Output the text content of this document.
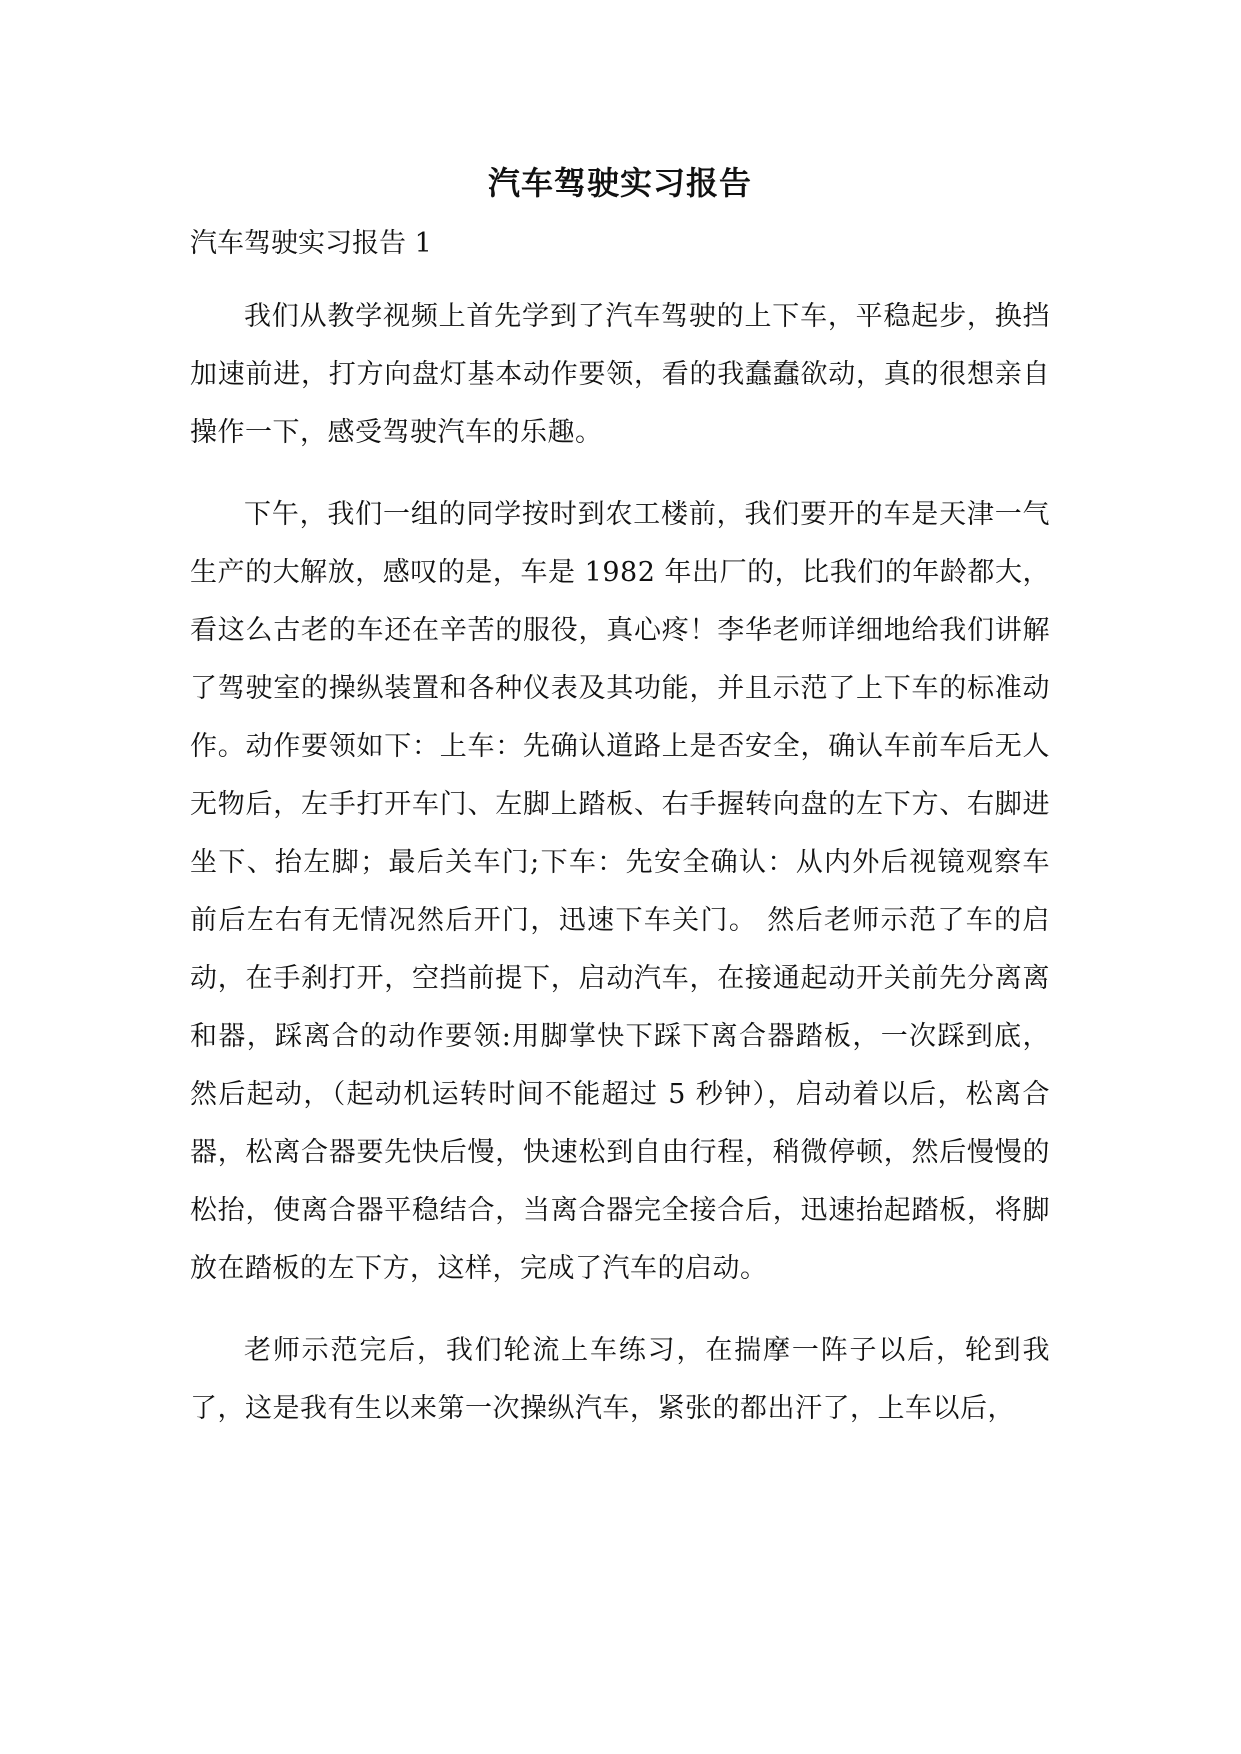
汽车驾驶实习报告

汽车驾驶实习报告 1

我们从教学视频上首先学到了汽车驾驶的上下车，平稳起步，换挡加速前进，打方向盘灯基本动作要领，看的我蠢蠢欲动，真的很想亲自操作一下，感受驾驶汽车的乐趣。

下午，我们一组的同学按时到农工楼前，我们要开的车是天津一气生产的大解放，感叹的是，车是 1982 年出厂的，比我们的年龄都大，看这么古老的车还在辛苦的服役，真心疼！李华老师详细地给我们讲解了驾驶室的操纵装置和各种仪表及其功能，并且示范了上下车的标准动作。动作要领如下：上车：先确认道路上是否安全，确认车前车后无人无物后，左手打开车门、左脚上踏板、右手握转向盘的左下方、右脚进坐下、抬左脚；最后关车门;下车：先安全确认：从内外后视镜观察车前后左右有无情况然后开门，迅速下车关门。 然后老师示范了车的启动，在手刹打开，空挡前提下，启动汽车，在接通起动开关前先分离离和器，踩离合的动作要领:用脚掌快下踩下离合器踏板，一次踩到底，然后起动，（起动机运转时间不能超过 5 秒钟），启动着以后，松离合器，松离合器要先快后慢，快速松到自由行程，稍微停顿，然后慢慢的松抬，使离合器平稳结合，当离合器完全接合后，迅速抬起踏板，将脚放在踏板的左下方，这样，完成了汽车的启动。

老师示范完后，我们轮流上车练习，在揣摩一阵子以后，轮到我了，这是我有生以来第一次操纵汽车，紧张的都出汗了，上车以后，
